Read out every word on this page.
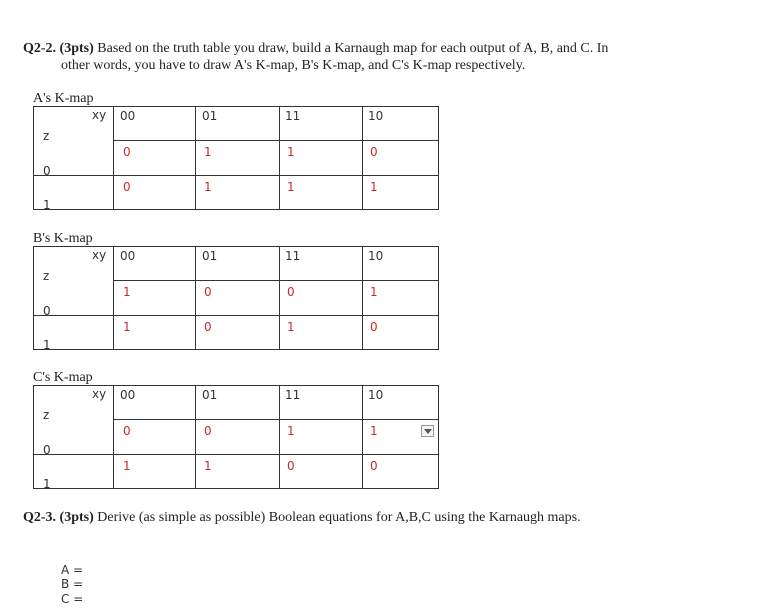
Q2-2. (3pts) Based on the truth table you draw, build a Karnaugh map for each output of A, B, and C. In
other words, you have to draw A's K-map, B's K-map, and C's K-map respectively.
A's K-map
xy
z
00	01	11	10
0
0	1	1	0
1
0	1	1	1
B's K-map
xy
z
00	01	11	10
0
1	0	0	1
1
1	0	1	0
C's K-map
xy
z
00	01	11	10
0
0	0	1	1
1
1	1	0	0
Q2-3. (3pts) Derive (as simple as possible) Boolean equations for A,B,C using the Karnaugh maps.
A =
B =
C =
